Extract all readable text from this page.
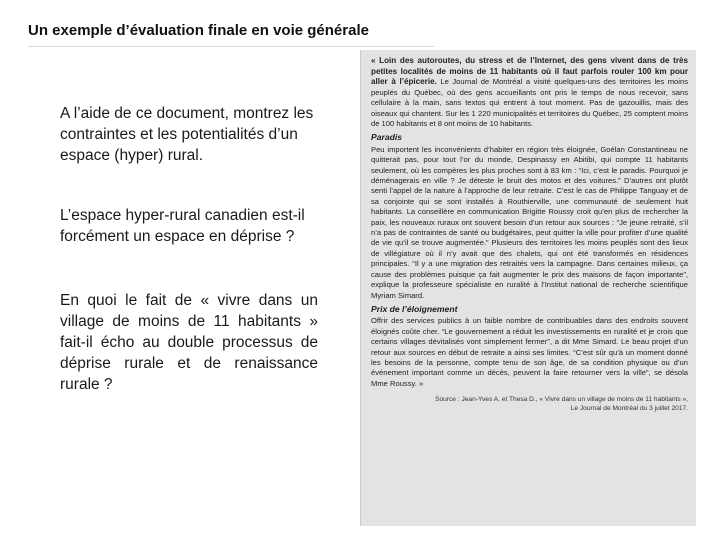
Un exemple d’évaluation finale en voie générale
A l’aide de ce document, montrez les contraintes et les potentialités d’un espace (hyper) rural.
L’espace hyper-rural canadien est-il forcément un espace en déprise ?
En quoi le fait de « vivre dans un village de moins de 11 habitants » fait-il écho au double processus de déprise rurale et de renaissance rurale ?

« Loin des autoroutes, du stress et de l’Internet, des gens vivent dans de très petites localités de moins de 11 habitants où il faut parfois rouler 100 km pour aller à l’épicerie. Le Journal de Montréal a visité quelques-uns des territoires les moins peuplés du Québec, où des gens accueillants ont pris le temps de nous recevoir, sans cellulaire à la main, sans textos qui entrent à tout moment. Pas de gazouillis, mais des oiseaux qui chantent. Sur les 1 220 municipalités et territoires du Québec, 25 comptent moins de 100 habitants et 8 ont moins de 10 habitants.

Paradis

Peu importent les inconvénients d’habiter en région très éloignée, Goélan Constantineau ne quitterait pas, pour tout l’or du monde, Despinassy en Abitibi, qui compte 11 habitants seulement, où les compères les plus proches sont à 83 km : “Ici, c’est le paradis. Pourquoi je déménagerais en ville ? Je déteste le bruit des motos et des voitures.” D’autres ont plutôt senti l’appel de la nature à l’approche de leur retraite. C’est le cas de Philippe Tanguay et de sa conjointe qui se sont installés à Routhierville, une communauté de seulement huit habitants. La conseillère en communication Brigitte Roussy croit qu’en plus de rechercher la paix, les nouveaux ruraux ont souvent besoin d’un retour aux sources : “Je jeune retraité, s’il n’a pas de contraintes de santé ou budgétaires, peut quitter la ville pour profiter d’une qualité de vie qu’il se trouve augmentée.” Plusieurs des territoires les moins peuplés sont des lieux de villégiature où il n’y avait que des chalets, qui ont été transformés en résidences principales. “Il y a une migration des retraités vers la campagne. Dans certaines milieux, ça cause des problèmes puisque ça fait augmenter le prix des maisons de façon importante”, explique la professeure spécialiste en ruralité à l’Institut national de recherche scientifique Myriam Simard.

Prix de l’éloignement

Offrir des services publics à un faible nombre de contribuables dans des endroits souvent éloignés coûte cher. “Le gouvernement a réduit les investissements en ruralité et je crois que certains villages dévitalisés vont simplement fermer”, a dit Mme Simard. Le beau projet d’un retour aux sources en début de retraite a ainsi ses limites. “C’est sûr qu’à un moment donné les besoins de la personne, compte tenu de son âge, de sa condition physique ou d’un événement important comme un décès, peuvent la faire retourner vers la ville”, se désola Mme Roussy. »

Source : Jean-Yves A. et Thesa D., « Vivre dans un village de moins de 11 habitants »,
Le Journal de Montréal du 3 juillet 2017.
